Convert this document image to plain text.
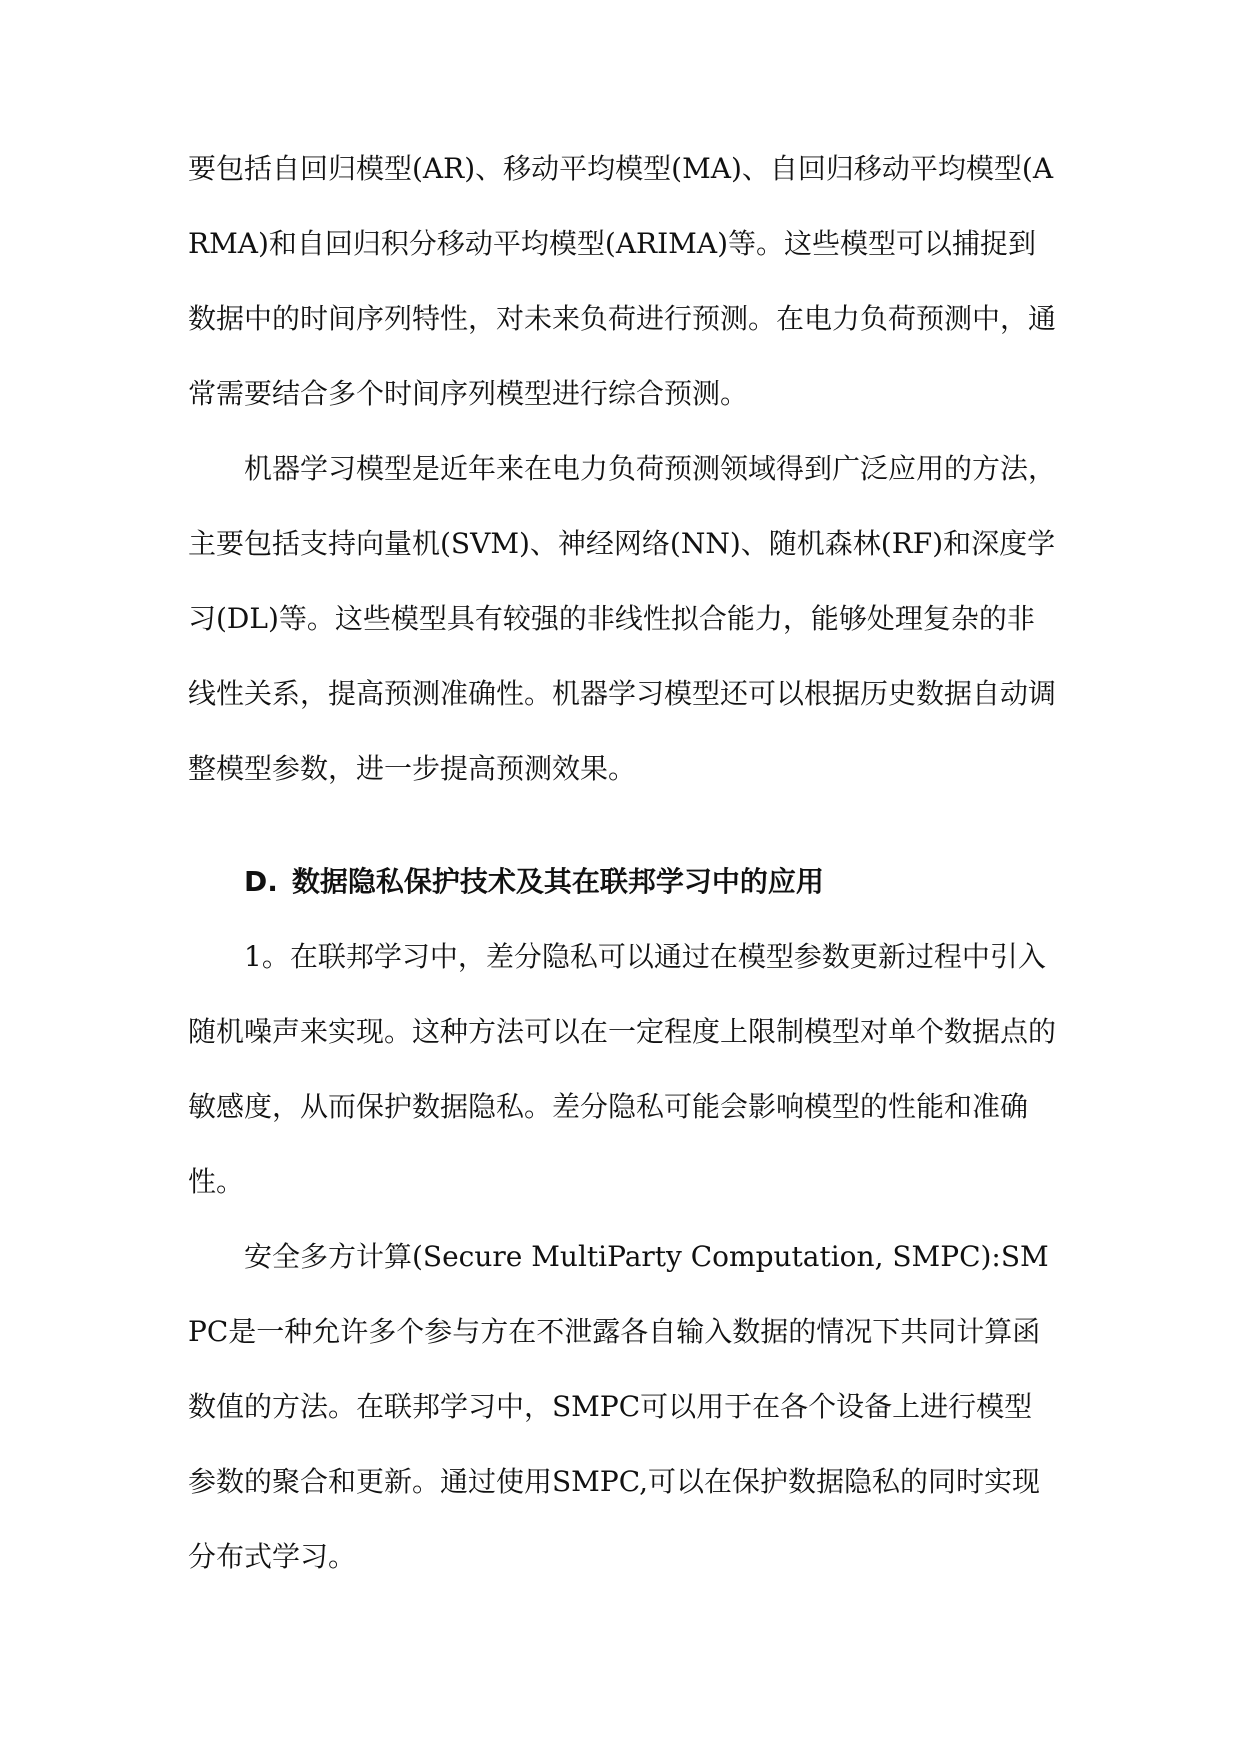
要包括自回归模型(AR)、移动平均模型(MA)、自回归移动平均模型(ARMA)和自回归积分移动平均模型(ARIMA)等。这些模型可以捕捉到数据中的时间序列特性，对未来负荷进行预测。在电力负荷预测中，通常需要结合多个时间序列模型进行综合预测。

机器学习模型是近年来在电力负荷预测领域得到广泛应用的方法，主要包括支持向量机(SVM)、神经网络(NN)、随机森林(RF)和深度学习(DL)等。这些模型具有较强的非线性拟合能力，能够处理复杂的非线性关系，提高预测准确性。机器学习模型还可以根据历史数据自动调整模型参数，进一步提高预测效果。

D. 数据隐私保护技术及其在联邦学习中的应用

1。在联邦学习中，差分隐私可以通过在模型参数更新过程中引入随机噪声来实现。这种方法可以在一定程度上限制模型对单个数据点的敏感度，从而保护数据隐私。差分隐私可能会影响模型的性能和准确性。

安全多方计算(Secure MultiParty Computation, SMPC):SMPC是一种允许多个参与方在不泄露各自输入数据的情况下共同计算函数值的方法。在联邦学习中，SMPC可以用于在各个设备上进行模型参数的聚合和更新。通过使用SMPC,可以在保护数据隐私的同时实现分布式学习。
